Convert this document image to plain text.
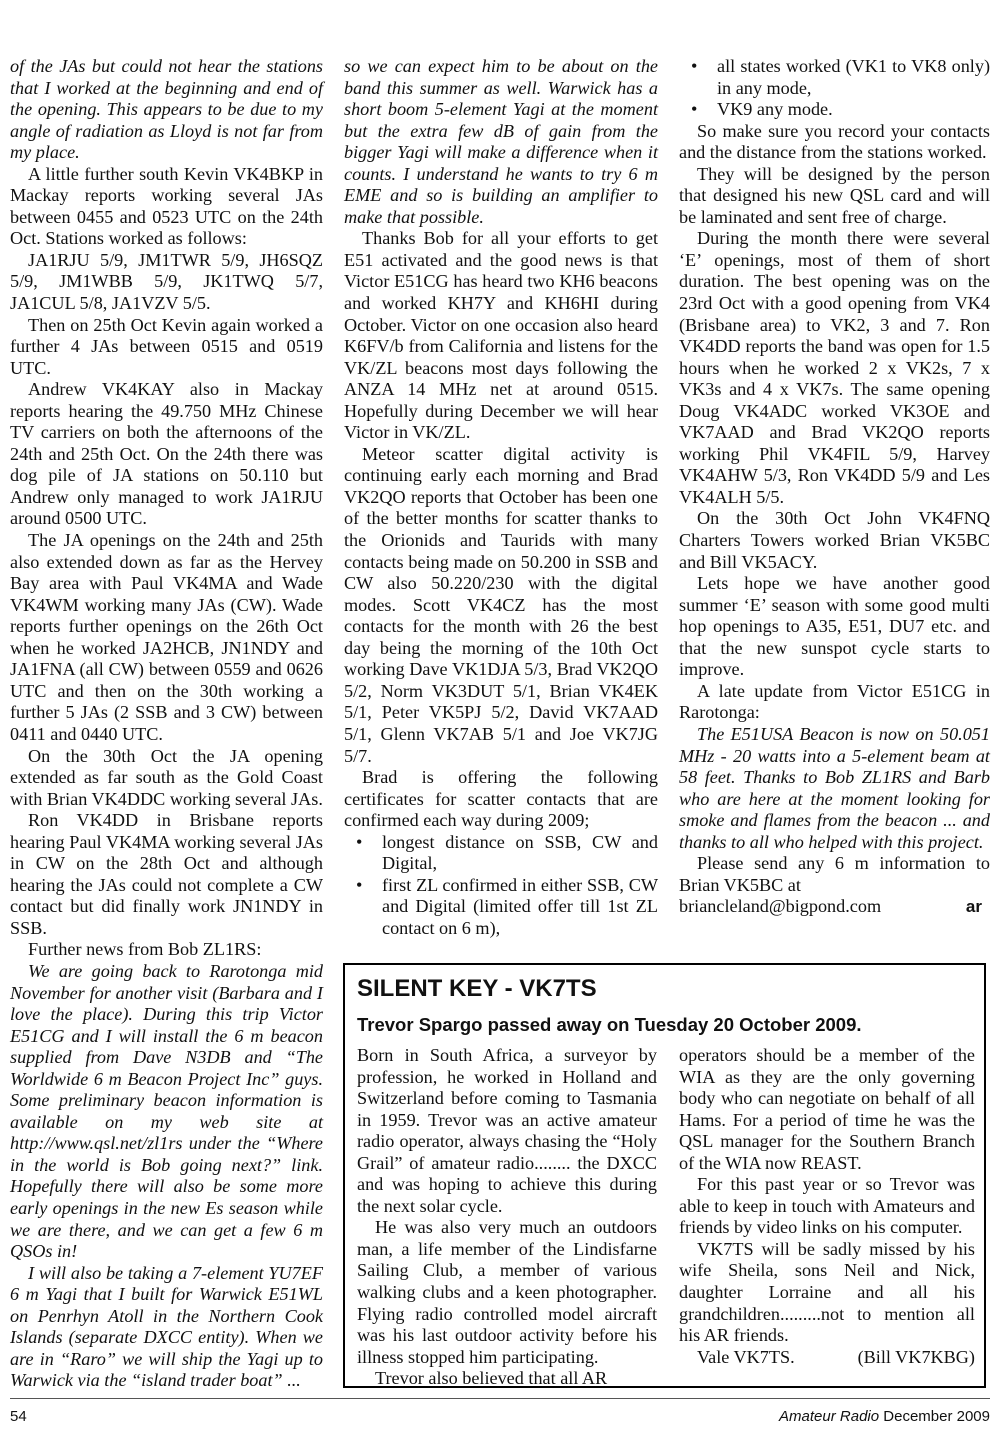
of the JAs but could not hear the stations that I worked at the beginning and end of the opening. This appears to be due to my angle of radiation as Lloyd is not far from my place.

A little further south Kevin VK4BKP in Mackay reports working several JAs between 0455 and 0523 UTC on the 24th Oct. Stations worked as follows:

JA1RJU 5/9, JM1TWR 5/9, JH6SQZ 5/9, JM1WBB 5/9, JK1TWQ 5/7, JA1CUL 5/8, JA1VZV 5/5.

Then on 25th Oct Kevin again worked a further 4 JAs between 0515 and 0519 UTC.

Andrew VK4KAY also in Mackay reports hearing the 49.750 MHz Chinese TV carriers on both the afternoons of the 24th and 25th Oct. On the 24th there was dog pile of JA stations on 50.110 but Andrew only managed to work JA1RJU around 0500 UTC.

The JA openings on the 24th and 25th also extended down as far as the Hervey Bay area with Paul VK4MA and Wade VK4WM working many JAs (CW). Wade reports further openings on the 26th Oct when he worked JA2HCB, JN1NDY and JA1FNA (all CW) between 0559 and 0626 UTC and then on the 30th working a further 5 JAs (2 SSB and 3 CW) between 0411 and 0440 UTC.

On the 30th Oct the JA opening extended as far south as the Gold Coast with Brian VK4DDC working several JAs.

Ron VK4DD in Brisbane reports hearing Paul VK4MA working several JAs in CW on the 28th Oct and although hearing the JAs could not complete a CW contact but did finally work JN1NDY in SSB.

Further news from Bob ZL1RS:

We are going back to Rarotonga mid November for another visit (Barbara and I love the place). During this trip Victor E51CG and I will install the 6 m beacon supplied from Dave N3DB and “The Worldwide 6 m Beacon Project Inc” guys. Some preliminary beacon information is available on my web site at http://www.qsl.net/zl1rs under the “Where in the world is Bob going next?” link. Hopefully there will also be some more early openings in the new Es season while we are there, and we can get a few 6 m QSOs in!

I will also be taking a 7-element YU7EF 6 m Yagi that I built for Warwick E51WL on Penrhyn Atoll in the Northern Cook Islands (separate DXCC entity). When we are in “Raro” we will ship the Yagi up to Warwick via the “island trader boat” ...

so we can expect him to be about on the band this summer as well. Warwick has a short boom 5-element Yagi at the moment but the extra few dB of gain from the bigger Yagi will make a difference when it counts. I understand he wants to try 6 m EME and so is building an amplifier to make that possible.

Thanks Bob for all your efforts to get E51 activated and the good news is that Victor E51CG has heard two KH6 beacons and worked KH7Y and KH6HI during October. Victor on one occasion also heard K6FV/b from California and listens for the VK/ZL beacons most days following the ANZA 14 MHz net at around 0515. Hopefully during December we will hear Victor in VK/ZL.

Meteor scatter digital activity is continuing early each morning and Brad VK2QO reports that October has been one of the better months for scatter thanks to the Orionids and Taurids with many contacts being made on 50.200 in SSB and CW also 50.220/230 with the digital modes. Scott VK4CZ has the most contacts for the month with 26 the best day being the morning of the 10th Oct working Dave VK1DJA 5/3, Brad VK2QO 5/2, Norm VK3DUT 5/1, Brian VK4EK 5/1, Peter VK5PJ 5/2, David VK7AAD 5/1, Glenn VK7AB 5/1 and Joe VK7JG 5/7.

Brad is offering the following certificates for scatter contacts that are confirmed each way during 2009;

• longest distance on SSB, CW and Digital,
• first ZL confirmed in either SSB, CW and Digital (limited offer till 1st ZL contact on 6 m),
• all states worked (VK1 to VK8 only) in any mode,
• VK9 any mode.

So make sure you record your contacts and the distance from the stations worked.

They will be designed by the person that designed his new QSL card and will be laminated and sent free of charge.

During the month there were several ‘E’ openings, most of them of short duration. The best opening was on the 23rd Oct with a good opening from VK4 (Brisbane area) to VK2, 3 and 7. Ron VK4DD reports the band was open for 1.5 hours when he worked 2 x VK2s, 7 x VK3s and 4 x VK7s. The same opening Doug VK4ADC worked VK3OE and VK7AAD and Brad VK2QO reports working Phil VK4FIL 5/9, Harvey VK4AHW 5/3, Ron VK4DD 5/9 and Les VK4ALH 5/5.

On the 30th Oct John VK4FNQ Charters Towers worked Brian VK5BC and Bill VK5ACY.

Lets hope we have another good summer ‘E’ season with some good multi hop openings to A35, E51, DU7 etc. and that the new sunspot cycle starts to improve.

A late update from Victor E51CG in Rarotonga:

The E51USA Beacon is now on 50.051 MHz - 20 watts into a 5-element beam at 58 feet. Thanks to Bob ZL1RS and Barb who are here at the moment looking for smoke and flames from the beacon ... and thanks to all who helped with this project.

Please send any 6 m information to Brian VK5BC at

briancleland@bigpond.com	ar

SILENT KEY - VK7TS
Trevor Spargo passed away on Tuesday 20 October 2009.

Born in South Africa, a surveyor by profession, he worked in Holland and Switzerland before coming to Tasmania in 1959. Trevor was an active amateur radio operator, always chasing the “Holy Grail” of amateur radio........ the DXCC and was hoping to achieve this during the next solar cycle.

He was also very much an outdoors man, a life member of the Lindisfarne Sailing Club, a member of various walking clubs and a keen photographer. Flying radio controlled model aircraft was his last outdoor activity before his illness stopped him participating.

Trevor also believed that all AR

operators should be a member of the WIA as they are the only governing body who can negotiate on behalf of all Hams. For a period of time he was the QSL manager for the Southern Branch of the WIA now REAST.

For this past year or so Trevor was able to keep in touch with Amateurs and friends by video links on his computer.

VK7TS will be sadly missed by his wife Sheila, sons Neil and Nick, daughter Lorraine and all his grandchildren.........not to mention all his AR friends.

Vale VK7TS.	(Bill VK7KBG)

54	Amateur Radio December 2009
